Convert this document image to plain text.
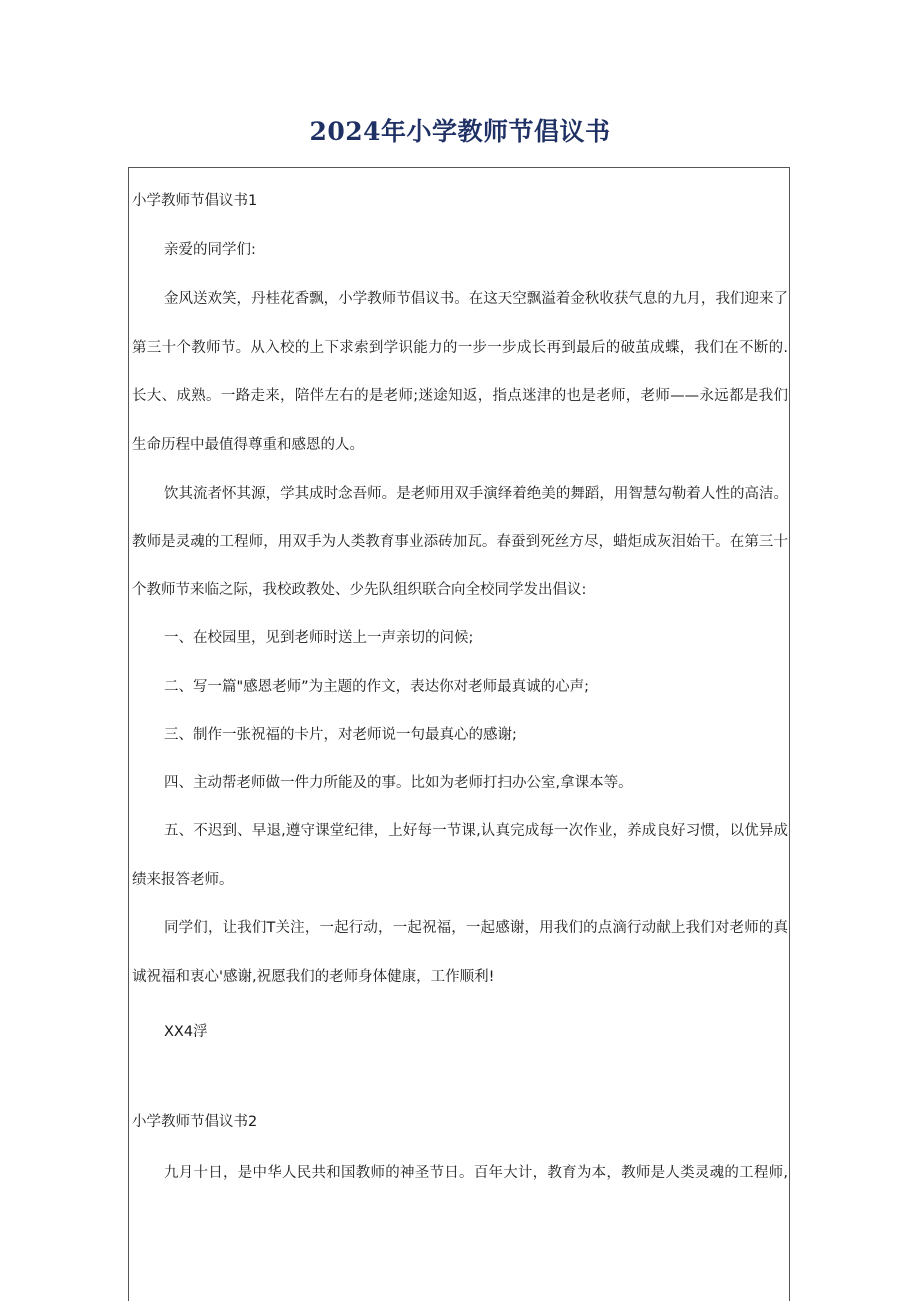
2024年小学教师节倡议书
小学教师节倡议书1
亲爱的同学们:
金风送欢笑，丹桂花香飘，小学教师节倡议书。在这天空飘溢着金秋收获气息的九月，我们迎来了
第三十个教师节。从入校的上下求索到学识能力的一步一步成长再到最后的破茧成蝶，我们在不断的.
长大、成熟。一路走来，陪伴左右的是老师;迷途知返，指点迷津的也是老师，老师——永远都是我们
生命历程中最值得尊重和感恩的人。
饮其流者怀其源，学其成时念吾师。是老师用双手演绎着绝美的舞蹈，用智慧勾勒着人性的高洁。
教师是灵魂的工程师，用双手为人类教育事业添砖加瓦。春蚕到死丝方尽，蜡炬成灰泪始干。在第三十
个教师节来临之际，我校政教处、少先队组织联合向全校同学发出倡议:
一、在校园里，见到老师时送上一声亲切的问候;
二、写一篇"感恩老师”为主题的作文，表达你对老师最真诚的心声;
三、制作一张祝福的卡片，对老师说一句最真心的感谢;
四、主动帮老师做一件力所能及的事。比如为老师打扫办公室,拿课本等。
五、不迟到、早退,遵守课堂纪律，上好每一节课,认真完成每一次作业，养成良好习惯，以优异成
绩来报答老师。
同学们，让我们T关注，一起行动，一起祝福，一起感谢，用我们的点滴行动献上我们对老师的真
诚祝福和衷心'感谢,祝愿我们的老师身体健康，工作顺利!
XX4浮
小学教师节倡议书2
九月十日，是中华人民共和国教师的神圣节日。百年大计，教育为本，教师是人类灵魂的工程师,
